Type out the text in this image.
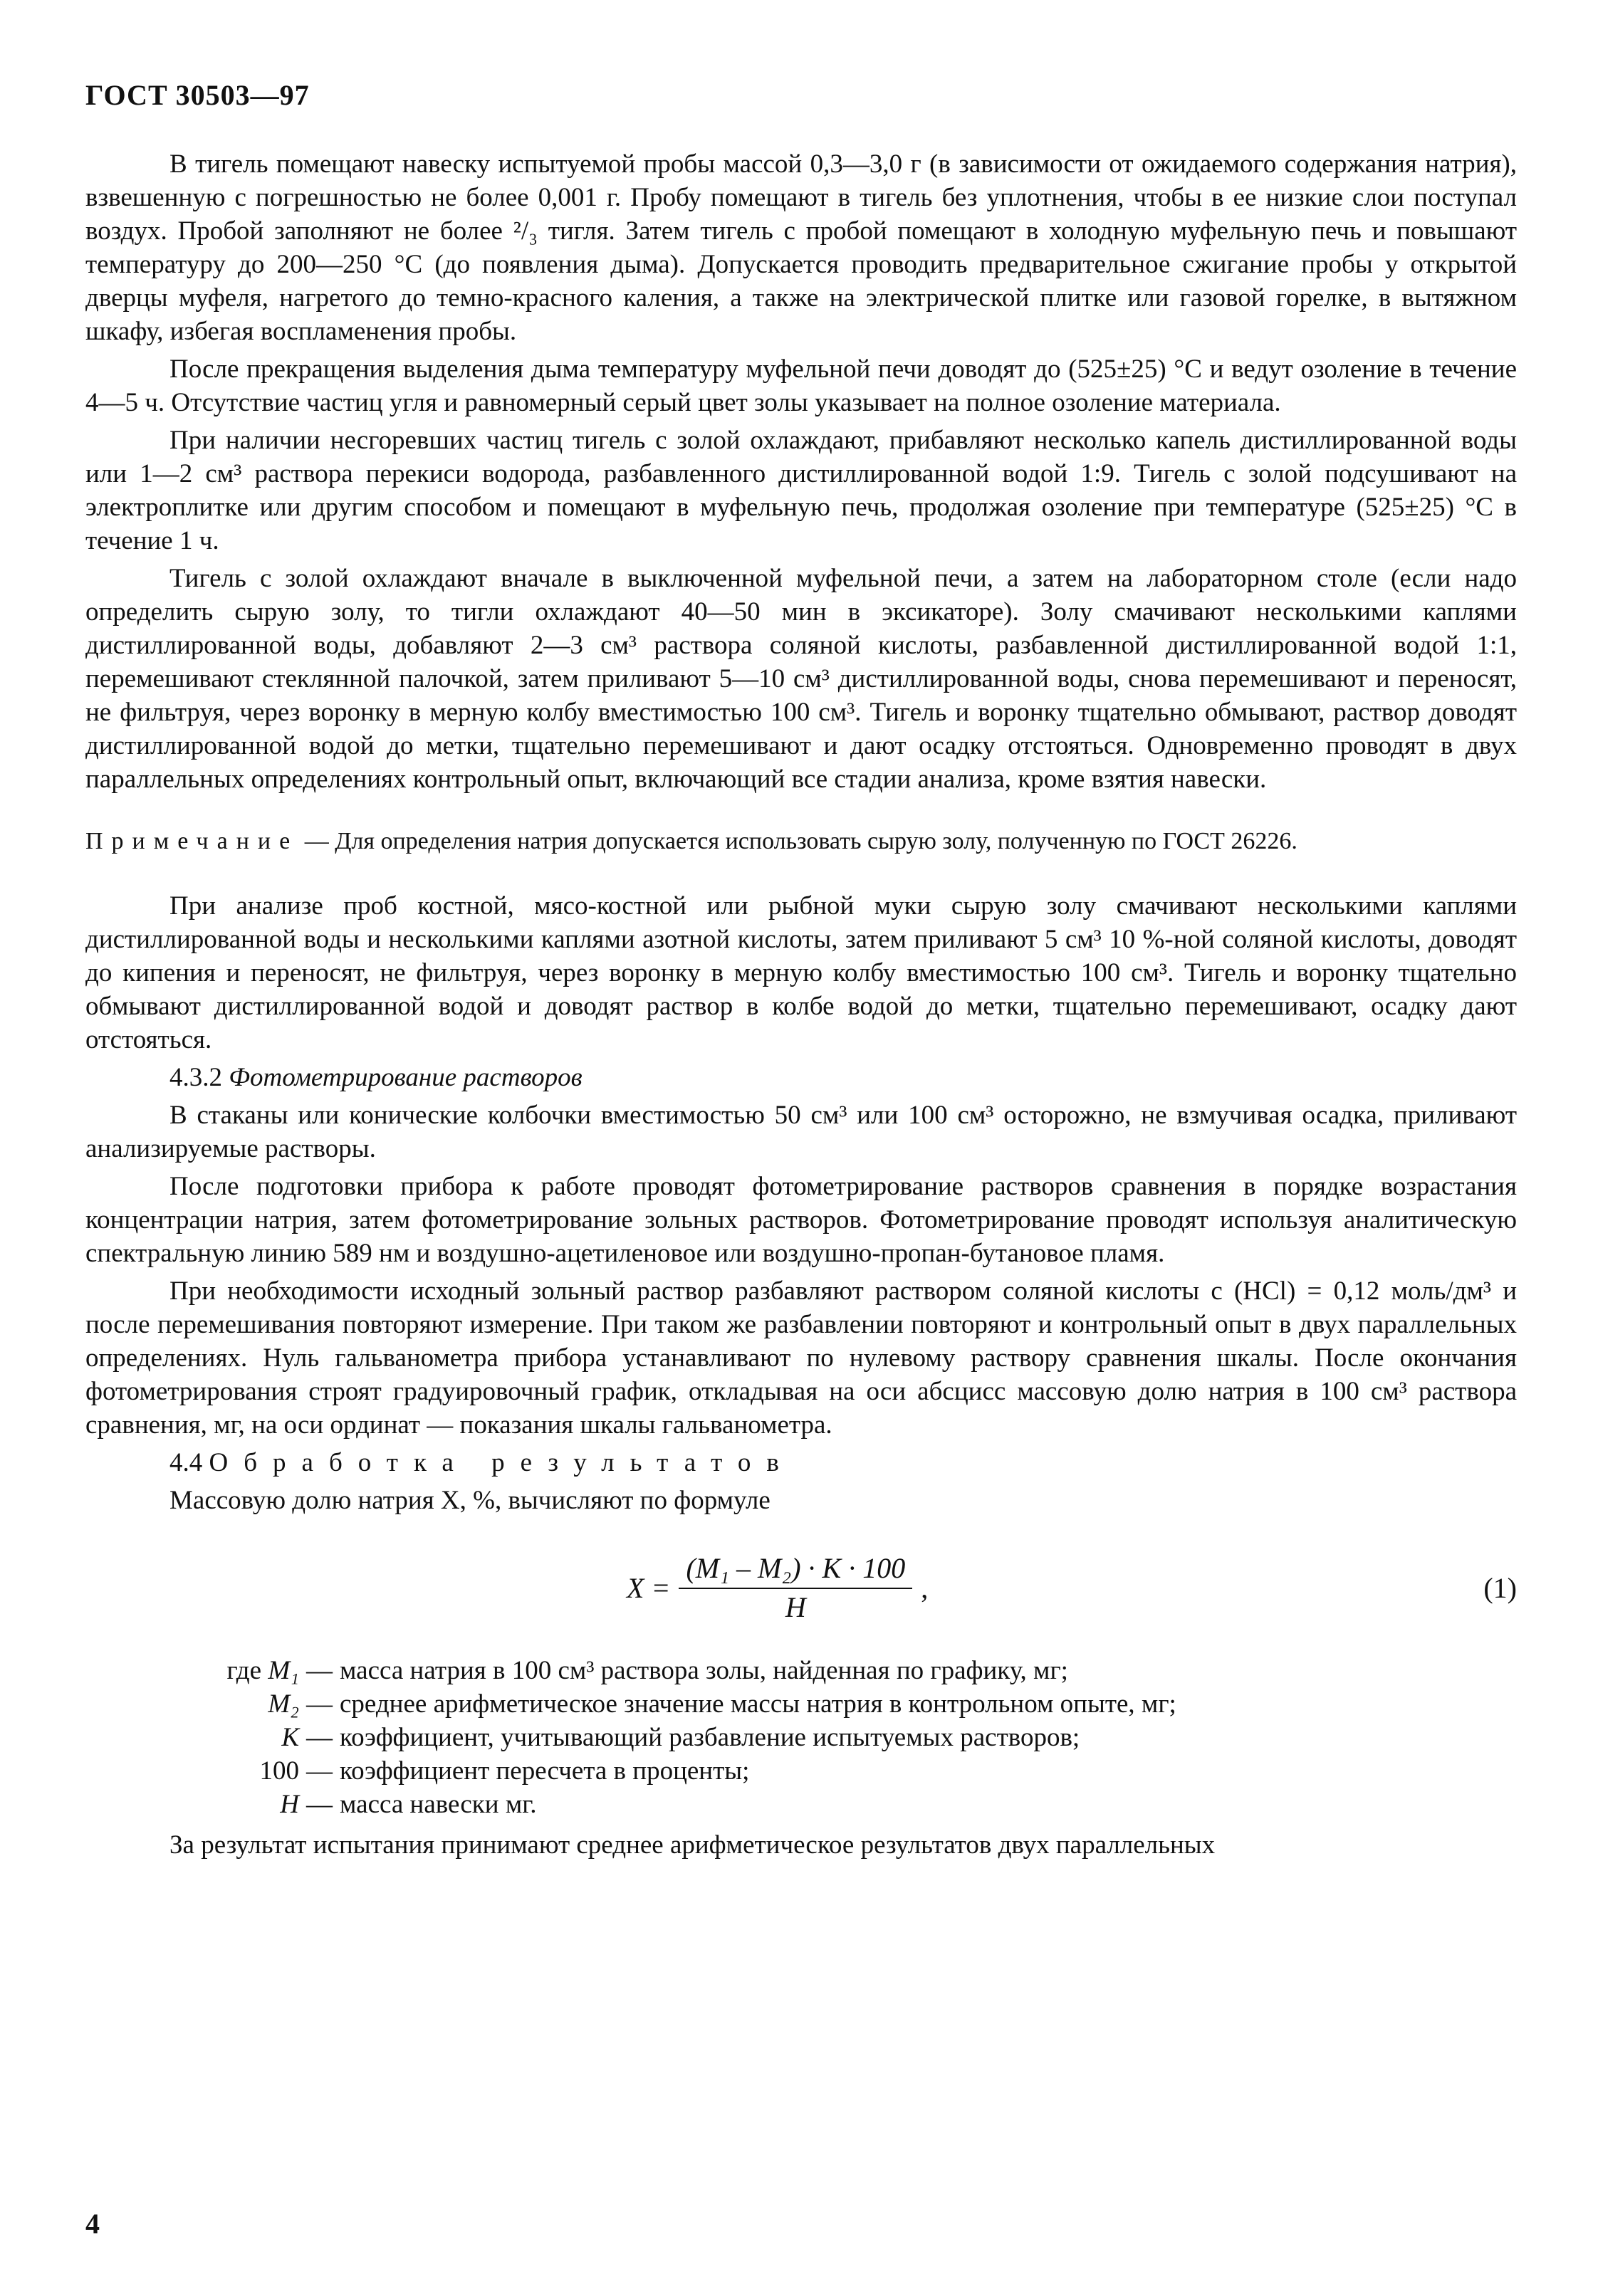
ГОСТ 30503—97

В тигель помещают навеску испытуемой пробы массой 0,3—3,0 г (в зависимости от ожидаемого содержания натрия), взвешенную с погрешностью не более 0,001 г. Пробу помещают в тигель без уплотнения, чтобы в ее низкие слои поступал воздух. Пробой заполняют не более ²/₃ тигля. Затем тигель с пробой помещают в холодную муфельную печь и повышают температуру до 200—250 °С (до появления дыма). Допускается проводить предварительное сжигание пробы у открытой дверцы муфеля, нагретого до темно-красного каления, а также на электрической плитке или газовой горелке, в вытяжном шкафу, избегая воспламенения пробы.

После прекращения выделения дыма температуру муфельной печи доводят до (525±25) °С и ведут озоление в течение 4—5 ч. Отсутствие частиц угля и равномерный серый цвет золы указывает на полное озоление материала.

При наличии несгоревших частиц тигель с золой охлаждают, прибавляют несколько капель дистиллированной воды или 1—2 см³ раствора перекиси водорода, разбавленного дистиллированной водой 1:9. Тигель с золой подсушивают на электроплитке или другим способом и помещают в муфельную печь, продолжая озоление при температуре (525±25) °С в течение 1 ч.

Тигель с золой охлаждают вначале в выключенной муфельной печи, а затем на лабораторном столе (если надо определить сырую золу, то тигли охлаждают 40—50 мин в эксикаторе). Золу смачивают несколькими каплями дистиллированной воды, добавляют 2—3 см³ раствора соляной кислоты, разбавленной дистиллированной водой 1:1, перемешивают стеклянной палочкой, затем приливают 5—10 см³ дистиллированной воды, снова перемешивают и переносят, не фильтруя, через воронку в мерную колбу вместимостью 100 см³. Тигель и воронку тщательно обмывают, раствор доводят дистиллированной водой до метки, тщательно перемешивают и дают осадку отстояться. Одновременно проводят в двух параллельных определениях контрольный опыт, включающий все стадии анализа, кроме взятия навески.

Примечание — Для определения натрия допускается использовать сырую золу, полученную по ГОСТ 26226.

При анализе проб костной, мясо-костной или рыбной муки сырую золу смачивают несколькими каплями дистиллированной воды и несколькими каплями азотной кислоты, затем приливают 5 см³ 10 %-ной соляной кислоты, доводят до кипения и переносят, не фильтруя, через воронку в мерную колбу вместимостью 100 см³. Тигель и воронку тщательно обмывают дистиллированной водой и доводят раствор в колбе водой до метки, тщательно перемешивают, осадку дают отстояться.

4.3.2 Фотометрирование растворов

В стаканы или конические колбочки вместимостью 50 см³ или 100 см³ осторожно, не взмучивая осадка, приливают анализируемые растворы.

После подготовки прибора к работе проводят фотометрирование растворов сравнения в порядке возрастания концентрации натрия, затем фотометрирование зольных растворов. Фотометрирование проводят используя аналитическую спектральную линию 589 нм и воздушно-ацетиленовое или воздушно-пропан-бутановое пламя.

При необходимости исходный зольный раствор разбавляют раствором соляной кислоты c (HCl) = 0,12 моль/дм³ и после перемешивания повторяют измерение. При таком же разбавлении повторяют и контрольный опыт в двух параллельных определениях. Нуль гальванометра прибора устанавливают по нулевому раствору сравнения шкалы. После окончания фотометрирования строят градуировочный график, откладывая на оси абсцисс массовую долю натрия в 100 см³ раствора сравнения, мг, на оси ординат — показания шкалы гальванометра.

4.4 Обработка результатов

Массовую долю натрия X, %, вычисляют по формуле

$X = \frac{\text{(M₁ – M₂) · K · 100}}{H}$ ,	(1)
где M₁ — масса натрия в 100 см³ раствора золы, найденная по графику, мг;
M₂ — среднее арифметическое значение массы натрия в контрольном опыте, мг;
K — коэффициент, учитывающий разбавление испытуемых растворов;
100 — коэффициент пересчета в проценты;
H — масса навески мг.

За результат испытания принимают среднее арифметическое результатов двух параллельных

4
